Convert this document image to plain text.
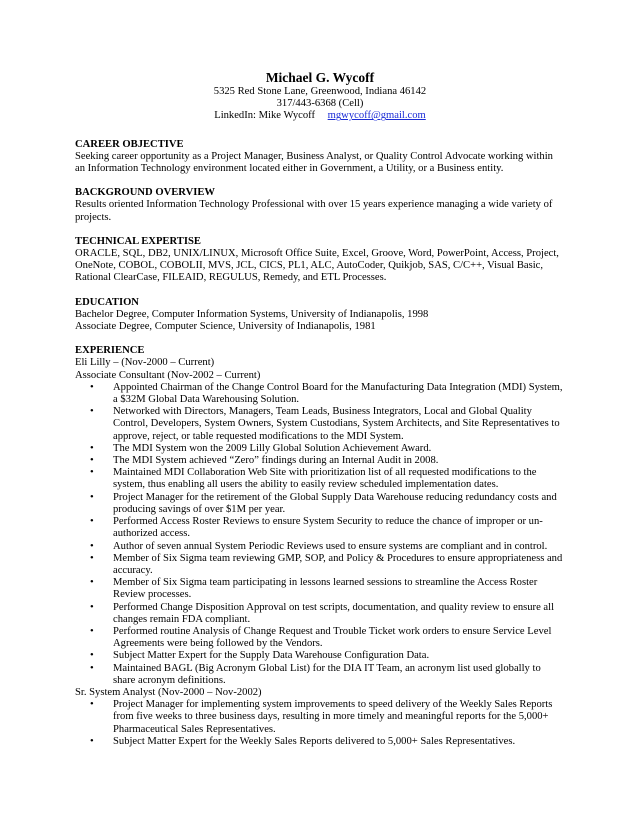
Michael G. Wycoff
5325 Red Stone Lane, Greenwood, Indiana 46142
317/443-6368 (Cell)
LinkedIn: Mike Wycoff mgwycoff@gmail.com
CAREER OBJECTIVE
Seeking career opportunity as a Project Manager, Business Analyst, or Quality Control Advocate working within an Information Technology environment located either in Government, a Utility, or a Business entity.
BACKGROUND OVERVIEW
Results oriented Information Technology Professional with over 15 years experience managing a wide variety of projects.
TECHNICAL EXPERTISE
ORACLE, SQL, DB2, UNIX/LINUX, Microsoft Office Suite, Excel, Groove, Word, PowerPoint, Access, Project, OneNote, COBOL, COBOLII, MVS, JCL, CICS, PL1, ALC, AutoCoder, Quikjob, SAS, C/C++, Visual Basic, Rational ClearCase, FILEAID, REGULUS, Remedy, and ETL Processes.
EDUCATION
Bachelor Degree, Computer Information Systems, University of Indianapolis, 1998
Associate Degree, Computer Science, University of Indianapolis, 1981
EXPERIENCE
Eli Lilly – (Nov-2000 – Current)
Associate Consultant (Nov-2002 – Current)
• Appointed Chairman of the Change Control Board for the Manufacturing Data Integration (MDI) System, a $32M Global Data Warehousing Solution.
• Networked with Directors, Managers, Team Leads, Business Integrators, Local and Global Quality Control, Developers, System Owners, System Custodians, System Architects, and Site Representatives to approve, reject, or table requested modifications to the MDI System.
• The MDI System won the 2009 Lilly Global Solution Achievement Award.
• The MDI System achieved “Zero” findings during an Internal Audit in 2008.
• Maintained MDI Collaboration Web Site with prioritization list of all requested modifications to the system, thus enabling all users the ability to easily review scheduled implementation dates.
• Project Manager for the retirement of the Global Supply Data Warehouse reducing redundancy costs and producing savings of over $1M per year.
• Performed Access Roster Reviews to ensure System Security to reduce the chance of improper or un-authorized access.
• Author of seven annual System Periodic Reviews used to ensure systems are compliant and in control.
• Member of Six Sigma team reviewing GMP, SOP, and Policy & Procedures to ensure appropriateness and accuracy.
• Member of Six Sigma team participating in lessons learned sessions to streamline the Access Roster Review processes.
• Performed Change Disposition Approval on test scripts, documentation, and quality review to ensure all changes remain FDA compliant.
• Performed routine Analysis of Change Request and Trouble Ticket work orders to ensure Service Level Agreements were being followed by the Vendors.
• Subject Matter Expert for the Supply Data Warehouse Configuration Data.
• Maintained BAGL (Big Acronym Global List) for the DIA IT Team, an acronym list used globally to share acronym definitions.
Sr. System Analyst (Nov-2000 – Nov-2002)
• Project Manager for implementing system improvements to speed delivery of the Weekly Sales Reports from five weeks to three business days, resulting in more timely and meaningful reports for the 5,000+ Pharmaceutical Sales Representatives.
• Subject Matter Expert for the Weekly Sales Reports delivered to 5,000+ Sales Representatives.
